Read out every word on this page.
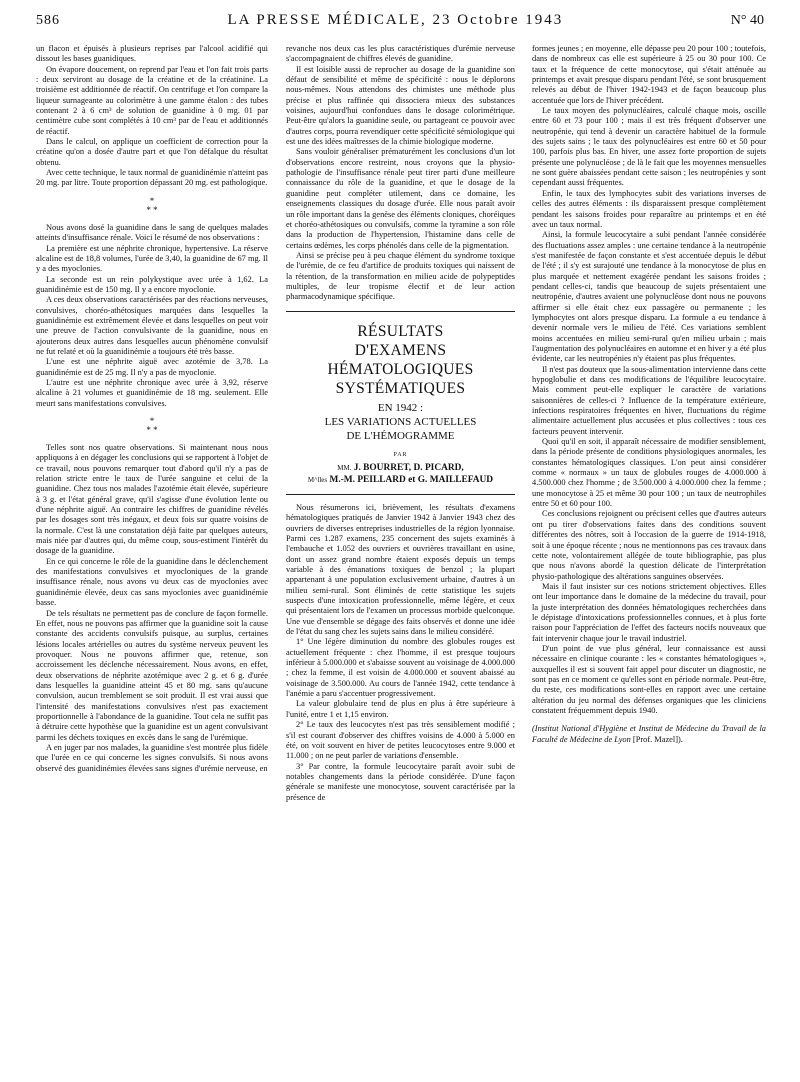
586	LA PRESSE MÉDICALE, 23 Octobre 1943	N° 40

un flacon et épuisés à plusieurs reprises par l'alcool acidifié qui dissout les bases guanidiques.

On évapore doucement, on reprend par l'eau et l'on fait trois parts : deux serviront au dosage de la créatine et de la créatinine. La troisième est additionnée de réactif. On centrifuge et l'on compare la liqueur surnageante au colorimètre à une gamme étalon : des tubes contenant 2 à 6 cm³ de solution de guanidine à 0 mg. 01 par centimètre cube sont complétés à 10 cm³ par de l'eau et additionnés de réactif.

Dans le calcul, on applique un coefficient de correction pour la créatine qu'on a dosée d'autre part et que l'on défalque du résultat obtenu.

Avec cette technique, le taux normal de guanidinémie n'atteint pas 20 mg. par litre. Toute proportion dépassant 20 mg. est pathologique.

*
* *

Nous avons dosé la guanidine dans le sang de quelques malades atteints d'insuffisance rénale. Voici le résumé de nos observations :

La première est une néphrite chronique, hypertensive. La réserve alcaline est de 18,8 volumes, l'urée de 3,40, la guanidine de 67 mg. Il y a des myoclonies.

La seconde est un rein polykystique avec urée à 1,62. La guanidinémie est de 150 mg. Il y a encore myoclonie.

A ces deux observations caractérisées par des réactions nerveuses, convulsives, choréo-athétosiques marquées dans lesquelles la guanidinémie est extrêmement élevée et dans lesquelles on peut voir une preuve de l'action convulsivante de la guanidine, nous en ajouterons deux autres dans lesquelles aucun phénomène convulsif ne fut relaté et où la guanidinémie a toujours été très basse.

L'une est une néphrite aiguë avec azotémie de 3,78. La guanidinémie est de 25 mg. Il n'y a pas de myoclonie.

L'autre est une néphrite chronique avec urée à 3,92, réserve alcaline à 21 volumes et guanidinémie de 18 mg. seulement. Elle meurt sans manifestations convulsives.

*
* *

Telles sont nos quatre observations. Si maintenant nous nous appliquons à en dégager les conclusions qui se rapportent à l'objet de ce travail, nous pouvons remarquer tout d'abord qu'il n'y a pas de relation stricte entre le taux de l'urée sanguine et celui de la guanidine. Chez tous nos malades l'azotémie était élevée, supérieure à 3 g. et l'état général grave, qu'il s'agisse d'une évolution lente ou d'une néphrite aiguë. Au contraire les chiffres de guanidine révélés par les dosages sont très inégaux, et deux fois sur quatre voisins de la normale. C'est là une constatation déjà faite par quelques auteurs, mais niée par d'autres qui, du même coup, sous-estiment l'intérêt du dosage de la guanidine.

En ce qui concerne le rôle de la guanidine dans le déclenchement des manifestations convulsives et myocloniques de la grande insuffisance rénale, nous avons vu deux cas de myoclonies avec guanidinémie élevée, deux cas sans myoclonies avec guanidinémie basse.

De tels résultats ne permettent pas de conclure de façon formelle. En effet, nous ne pouvons pas affirmer que la guanidine soit la cause constante des accidents convulsifs puisque, au surplus, certaines lésions locales artérielles ou autres du système nerveux peuvent les provoquer. Nous ne pouvons affirmer que, retenue, son accroissement les déclenche nécessairement. Nous avons, en effet, deux observations de néphrite azotémique avec 2 g. et 6 g. d'urée dans lesquelles la guanidine atteint 45 et 80 mg. sans qu'aucune convulsion, aucun tremblement se soit produit. Il est vrai aussi que l'intensité des manifestations convulsives n'est pas exactement proportionnelle à l'abondance de la guanidine. Tout cela ne suffit pas à détruire cette hypothèse que la guanidine est un agent convulsivant parmi les déchets toxiques en excès dans le sang de l'urémique.

A en juger par nos malades, la guanidine s'est montrée plus fidèle que l'urée en ce qui concerne les signes convulsifs. Si nous avons observé des guanidinémies élevées sans signes d'urémie nerveuse, en

revanche nos deux cas les plus caractéristiques d'urémie nerveuse s'accompagnaient de chiffres élevés de guanidine.

Il est loisible aussi de reprocher au dosage de la guanidine son défaut de sensibilité et même de spécificité : nous le déplorons nous-mêmes. Nous attendons des chimistes une méthode plus précise et plus raffinée qui dissociera mieux des substances voisines, aujourd'hui confondues dans le dosage colorimétrique. Peut-être qu'alors la guanidine seule, ou partageant ce pouvoir avec d'autres corps, pourra revendiquer cette spécificité sémiologique qui est une des idées maîtresses de la chimie biologique moderne.

Sans vouloir généraliser prématurément les conclusions d'un lot d'observations encore restreint, nous croyons que la physio-pathologie de l'insuffisance rénale peut tirer parti d'une meilleure connaissance du rôle de la guanidine, et que le dosage de la guanidine peut compléter utilement, dans ce domaine, les enseignements classiques du dosage d'urée. Elle nous paraît avoir un rôle important dans la genèse des éléments cloniques, choréiques et choréo-athétosiques ou convulsifs, comme la tyramine a son rôle dans la production de l'hypertension, l'histamine dans celle de certains œdèmes, les corps phénolés dans celle de la pigmentation.

Ainsi se précise peu à peu chaque élément du syndrome toxique de l'urémie, de ce feu d'artifice de produits toxiques qui naissent de la rétention, de la transformation en milieu acide de polypeptides multiples, de leur tropisme électif et de leur action pharmacodynamique spécifique.

RÉSULTATS
D'EXAMENS HÉMATOLOGIQUES
SYSTÉMATIQUES
EN 1942 :
LES VARIATIONS ACTUELLES
DE L'HÉMOGRAMME
PAR
MM. J. BOURRET, D. PICARD,
M^lles M.-M. PEILLARD et G. MAILLEFAUD

Nous résumerons ici, brièvement, les résultats d'examens hématologiques pratiqués de Janvier 1942 à Janvier 1943 chez des ouvriers de diverses entreprises industrielles de la région lyonnaise. Parmi ces 1.287 examens, 235 concernent des sujets examinés à l'embauche et 1.052 des ouvriers et ouvrières travaillant en usine, dont un assez grand nombre étaient exposés depuis un temps variable à des émanations toxiques de benzol ; la plupart appartenant à une population exclusivement urbaine, d'autres à un milieu semi-rural. Sont éliminés de cette statistique les sujets suspects d'une intoxication professionnelle, même légère, et ceux qui présentaient lors de l'examen un processus morbide quelconque. Une vue d'ensemble se dégage des faits observés et donne une idée de l'état du sang chez les sujets sains dans le milieu considéré.

1° Une légère diminution du nombre des globules rouges est actuellement fréquente : chez l'homme, il est presque toujours inférieur à 5.000.000 et s'abaisse souvent au voisinage de 4.000.000 ; chez la femme, il est voisin de 4.000.000 et souvent abaissé au voisinage de 3.500.000. Au cours de l'année 1942, cette tendance à l'anémie a paru s'accentuer progressivement.

La valeur globulaire tend de plus en plus à être supérieure à l'unité, entre 1 et 1,15 environ.

2° Le taux des leucocytes n'est pas très sensiblement modifié ; s'il est courant d'observer des chiffres voisins de 4.000 à 5.000 en été, on voit souvent en hiver de petites leucocytoses entre 9.000 et 11.000 ; on ne peut parler de variations d'ensemble.

3° Par contre, la formule leucocytaire paraît avoir subi de notables changements dans la période considérée. D'une façon générale se manifeste une monocytose, souvent caractérisée par la présence de

formes jeunes ; en moyenne, elle dépasse peu 20 pour 100 ; toutefois, dans de nombreux cas elle est supérieure à 25 ou 30 pour 100. Ce taux et la fréquence de cette monocytose, qui s'était atténuée au printemps et avait presque disparu pendant l'été, se sont brusquement relevés au début de l'hiver 1942-1943 et de façon beaucoup plus accentuée que lors de l'hiver précédent.

Le taux moyen des polynucléaires, calculé chaque mois, oscille entre 60 et 73 pour 100 ; mais il est très fréquent d'observer une neutropénie, qui tend à devenir un caractère habituel de la formule des sujets sains ; le taux des polynucléaires est entre 60 et 50 pour 100, parfois plus bas. En hiver, une assez forte proportion de sujets présente une polynucléose ; de là le fait que les moyennes mensuelles ne sont guère abaissées pendant cette saison ; les neutropénies y sont cependant aussi fréquentes.

Enfin, le taux des lymphocytes subit des variations inverses de celles des autres éléments : ils disparaissent presque complètement pendant les saisons froides pour reparaître au printemps et en été avec un taux normal.

Ainsi, la formule leucocytaire a subi pendant l'année considérée des fluctuations assez amples : une certaine tendance à la neutropénie s'est manifestée de façon constante et s'est accentuée depuis le début de l'été ; il s'y est surajouté une tendance à la monocytose de plus en plus marquée et nettement exagérée pendant les saisons froides ; pendant celles-ci, tandis que beaucoup de sujets présentaient une neutropénie, d'autres avaient une polynucléose dont nous ne pouvons affirmer si elle était chez eux passagère ou permanente ; les lymphocytes ont alors presque disparu. La formule a eu tendance à devenir normale vers le milieu de l'été. Ces variations semblent moins accentuées en milieu semi-rural qu'en milieu urbain ; mais l'augmentation des polynucléaires en automne et en hiver y a été plus évidente, car les neutropénies n'y étaient pas plus fréquentes.

Il n'est pas douteux que la sous-alimentation intervienne dans cette hypoglobulie et dans ces modifications de l'équilibre leucocytaire. Mais comment peut-elle expliquer le caractère de variations saisonnières de celles-ci ? Influence de la température extérieure, infections respiratoires fréquentes en hiver, fluctuations du régime alimentaire actuellement plus accusées et plus collectives : tous ces facteurs peuvent intervenir.

Quoi qu'il en soit, il apparaît nécessaire de modifier sensiblement, dans la période présente de conditions physiologiques anormales, les constantes hématologiques classiques. L'on peut ainsi considérer comme « normaux » un taux de globules rouges de 4.000.000 à 4.500.000 chez l'homme ; de 3.500.000 à 4.000.000 chez la femme ; une monocytose à 25 et même 30 pour 100 ; un taux de neutrophiles entre 50 et 60 pour 100.

Ces conclusions rejoignent ou précisent celles que d'autres auteurs ont pu tirer d'observations faites dans des conditions souvent différentes des nôtres, soit à l'occasion de la guerre de 1914-1918, soit à une époque récente ; nous ne mentionnons pas ces travaux dans cette note, volontairement allégée de toute bibliographie, pas plus que nous n'avons abordé la question délicate de l'interprétation physio-pathologique des altérations sanguines observées.

Mais il faut insister sur ces notions strictement objectives. Elles ont leur importance dans le domaine de la médecine du travail, pour la juste interprétation des données hématologiques recherchées dans le dépistage d'intoxications professionnelles connues, et à plus forte raison pour l'appréciation de l'effet des facteurs nocifs nouveaux que fait intervenir chaque jour le travail industriel.

D'un point de vue plus général, leur connaissance est aussi nécessaire en clinique courante : les « constantes hématologiques », auxquelles il est si souvent fait appel pour discuter un diagnostic, ne sont pas en ce moment ce qu'elles sont en période normale. Peut-être, du reste, ces modifications sont-elles en rapport avec une certaine altération du jeu normal des défenses organiques que les cliniciens constatent fréquemment depuis 1940.

(Institut National d'Hygiène et Institut de Médecine du Travail de la Faculté de Médecine de Lyon [Prof. Mazel]).
